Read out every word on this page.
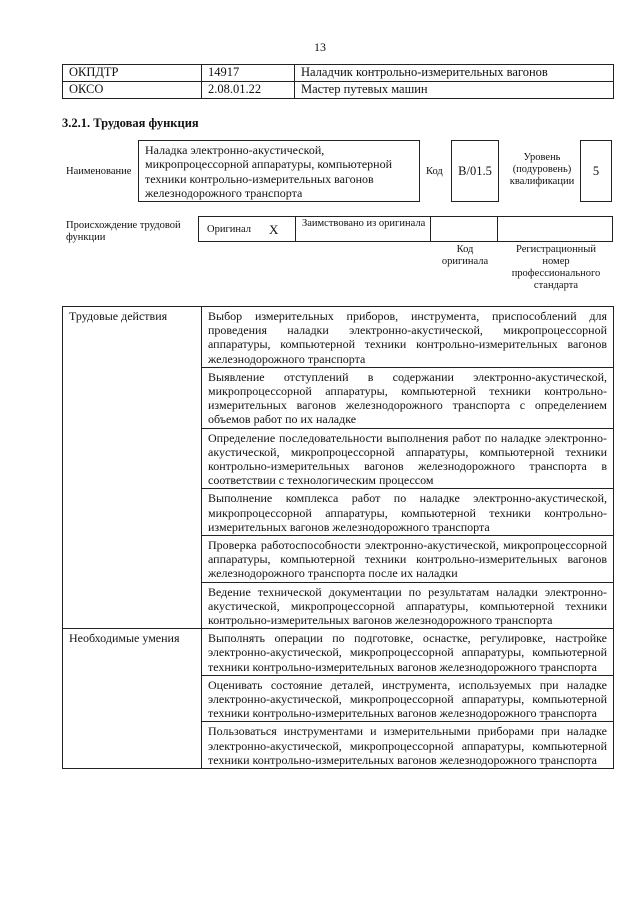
13
ОКПДТР	14917	Наладчик контрольно-измерительных вагонов
ОКСО	2.08.01.22	Мастер путевых машин
3.2.1. Трудовая функция
Наименование
Наладка электронно-акустической, микропроцессорной аппаратуры, компьютерной техники контрольно-измерительных вагонов железнодорожного транспорта
Код	В/01.5
Уровень (подуровень) квалификации
5
Происхождение трудовой функции
Оригинал X Заимствовано из оригинала
Код оригинала
Регистрационный номер профессионального стандарта
Трудовые действия	Выбор измерительных приборов, инструмента, приспособлений для проведения наладки электронно-акустической, микропроцессорной аппаратуры, компьютерной техники контрольно-измерительных вагонов железнодорожного транспорта
	Выявление отступлений в содержании электронно-акустической, микропроцессорной аппаратуры, компьютерной техники контрольно-измерительных вагонов железнодорожного транспорта с определением объемов работ по их наладке
	Определение последовательности выполнения работ по наладке электронно-акустической, микропроцессорной аппаратуры, компьютерной техники контрольно-измерительных вагонов железнодорожного транспорта в соответствии с технологическим процессом
	Выполнение комплекса работ по наладке электронно-акустической, микропроцессорной аппаратуры, компьютерной техники контрольно-измерительных вагонов железнодорожного транспорта
	Проверка работоспособности электронно-акустической, микропроцессорной аппаратуры, компьютерной техники контрольно-измерительных вагонов железнодорожного транспорта после их наладки
	Ведение технической документации по результатам наладки электронно-акустической, микропроцессорной аппаратуры, компьютерной техники контрольно-измерительных вагонов железнодорожного транспорта
Необходимые умения	Выполнять операции по подготовке, оснастке, регулировке, настройке электронно-акустической, микропроцессорной аппаратуры, компьютерной техники контрольно-измерительных вагонов железнодорожного транспорта
	Оценивать состояние деталей, инструмента, используемых при наладке электронно-акустической, микропроцессорной аппаратуры, компьютерной техники контрольно-измерительных вагонов железнодорожного транспорта
	Пользоваться инструментами и измерительными приборами при наладке электронно-акустической, микропроцессорной аппаратуры, компьютерной техники контрольно-измерительных вагонов железнодорожного транспорта
